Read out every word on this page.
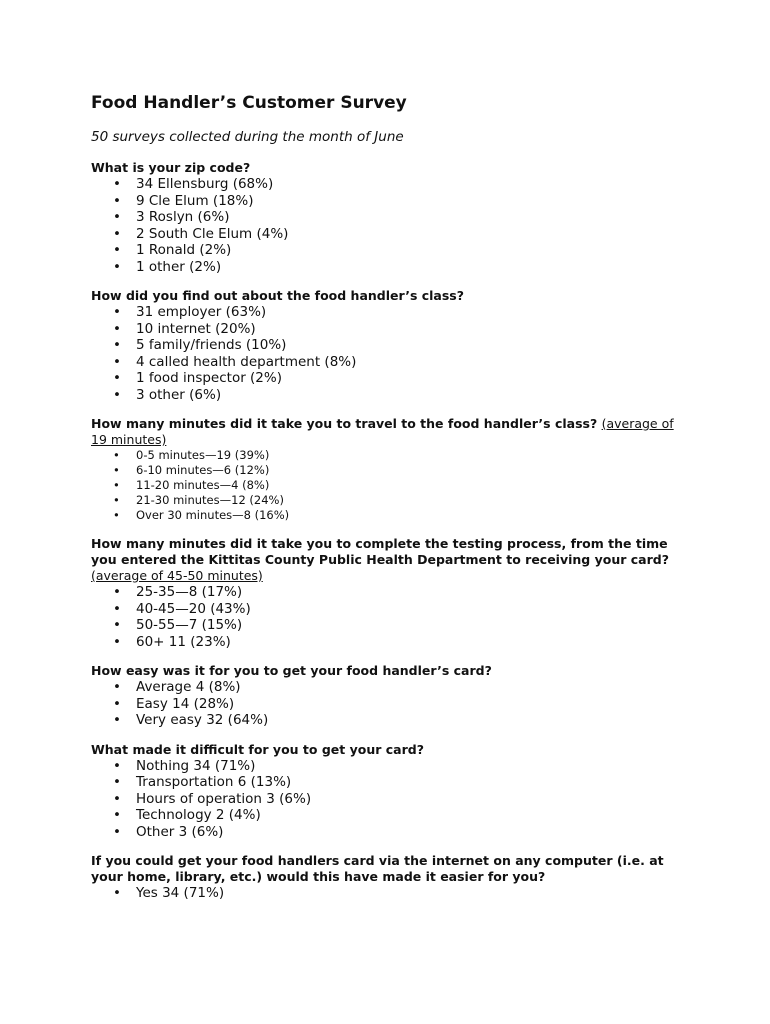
Food Handler’s Customer Survey

50 surveys collected during the month of June

What is your zip code?

• 34 Ellensburg (68%)
• 9 Cle Elum (18%)
• 3 Roslyn (6%)
• 2 South Cle Elum (4%)
• 1 Ronald (2%)
• 1 other (2%)

How did you find out about the food handler’s class?

• 31 employer (63%)
• 10 internet (20%)
• 5 family/friends (10%)
• 4 called health department (8%)
• 1 food inspector (2%)
• 3 other (6%)

How many minutes did it take you to travel to the food handler’s class? (average of 19 minutes)

• 0-5 minutes—19 (39%)
• 6-10 minutes—6 (12%)
• 11-20 minutes—4 (8%)
• 21-30 minutes—12 (24%)
• Over 30 minutes—8 (16%)

How many minutes did it take you to complete the testing process, from the time you entered the Kittitas County Public Health Department to receiving your card? (average of 45-50 minutes)

• 25-35—8 (17%)
• 40-45—20 (43%)
• 50-55—7 (15%)
• 60+ 11 (23%)

How easy was it for you to get your food handler’s card?

• Average 4 (8%)
• Easy 14 (28%)
• Very easy 32 (64%)

What made it difficult for you to get your card?

• Nothing 34 (71%)
• Transportation 6 (13%)
• Hours of operation 3 (6%)
• Technology 2 (4%)
• Other 3 (6%)

If you could get your food handlers card via the internet on any computer (i.e. at your home, library, etc.) would this have made it easier for you?

• Yes 34 (71%)
